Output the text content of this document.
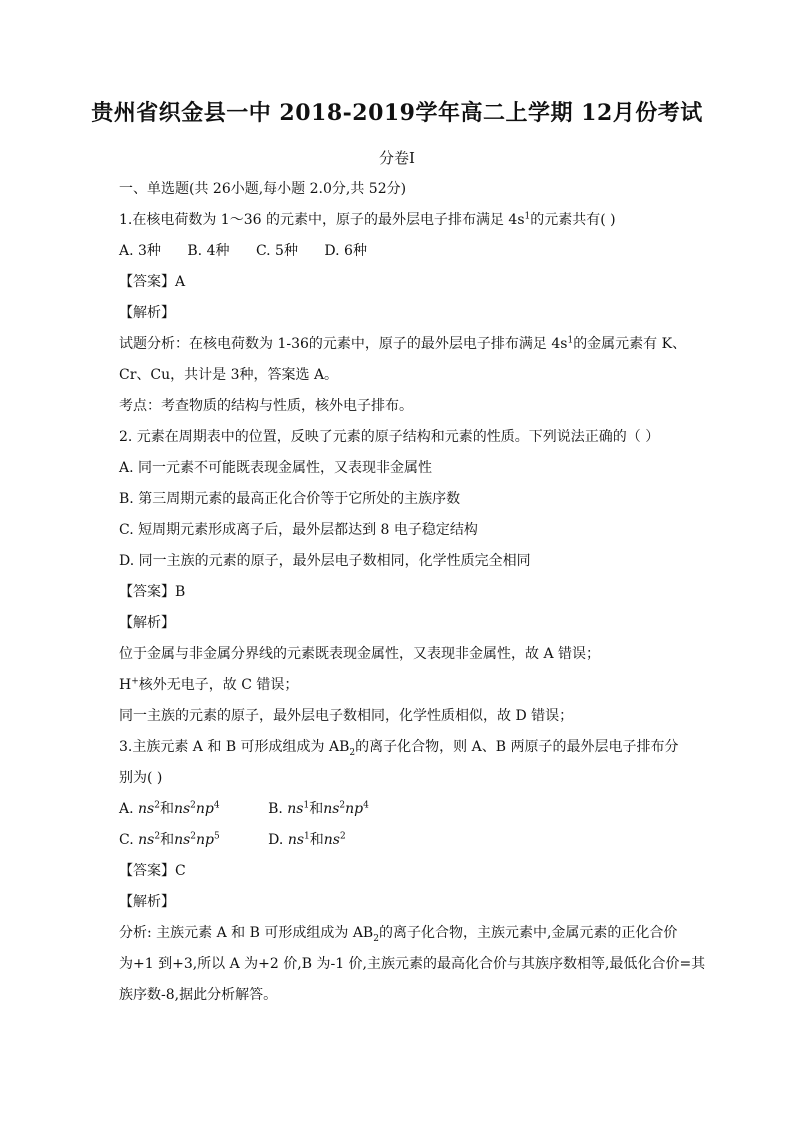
贵州省织金县一中 2018-2019学年高二上学期 12月份考试
分卷I
一、单选题(共 26小题,每小题 2.0分,共 52分)
1.在核电荷数为 1～36 的元素中，原子的最外层电子排布满足 $4s^1$的元素共有( )
A. 3种 B. 4种 C. 5种 D. 6种
【答案】A
【解析】
试题分析：在核电荷数为 1-36的元素中，原子的最外层电子排布满足 $4s^1$的金属元素有 K、
Cr、Cu，共计是 3种，答案选 A。
考点：考查物质的结构与性质，核外电子排布。
2. 元素在周期表中的位置，反映了元素的原子结构和元素的性质。下列说法正确的（ ）
A. 同一元素不可能既表现金属性，又表现非金属性
B. 第三周期元素的最高正化合价等于它所处的主族序数
C. 短周期元素形成离子后，最外层都达到 8 电子稳定结构
D. 同一主族的元素的原子，最外层电子数相同，化学性质完全相同
【答案】B
【解析】
位于金属与非金属分界线的元素既表现金属性，又表现非金属性，故 A 错误；
H+核外无电子，故 C 错误；
同一主族的元素的原子，最外层电子数相同，化学性质相似，故 D 错误；
3.主族元素 A 和 B 可形成组成为 $AB_2$的离子化合物，则 A、B 两原子的最外层电子排布分
别为( )
A. $ns^2$和$ns^2np^4$	B. $ns^1$和$ns^2np^4$
C. $ns^2$和$ns^2np^5$	D. $ns^1$和$ns^2$
【答案】C
【解析】
分析: 主族元素 A 和 B 可形成组成为 $AB_2$的离子化合物，主族元素中,金属元素的正化合价
为+1 到+3,所以 A 为+2 价,B 为-1 价,主族元素的最高化合价与其族序数相等,最低化合价=其
族序数-8,据此分析解答。
